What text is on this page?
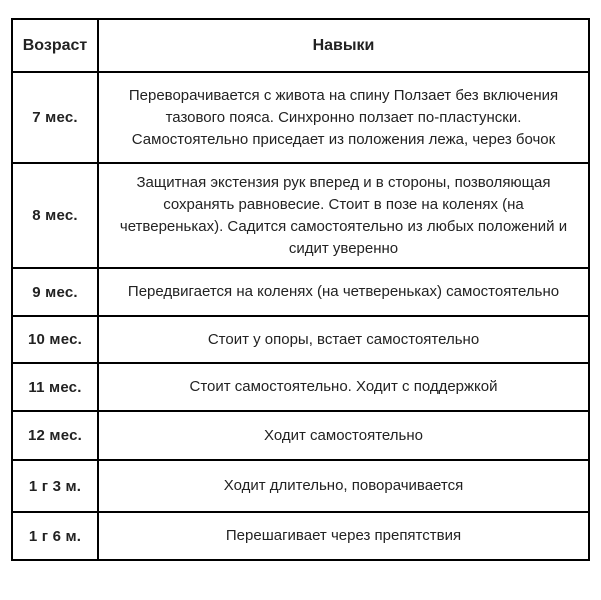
Возраст	Навыки
7 мес.	Переворачивается с живота на спину Ползает без включения тазового пояса. Синхронно ползает по-пластунски. Самостоятельно приседает из положения лежа, через бочок
8 мес.	Защитная экстензия рук вперед и в стороны, позволяющая сохранять равновесие. Стоит в позе на коленях (на четвереньках). Садится самостоятельно из любых положений и сидит уверенно
9 мес.	Передвигается на коленях (на четвереньках) самостоятельно
10 мес.	Стоит у опоры, встает самостоятельно
11 мес.	Стоит самостоятельно. Ходит с поддержкой
12 мес.	Ходит самостоятельно
1 г 3 м.	Ходит длительно, поворачивается
1 г 6 м.	Перешагивает через препятствия
